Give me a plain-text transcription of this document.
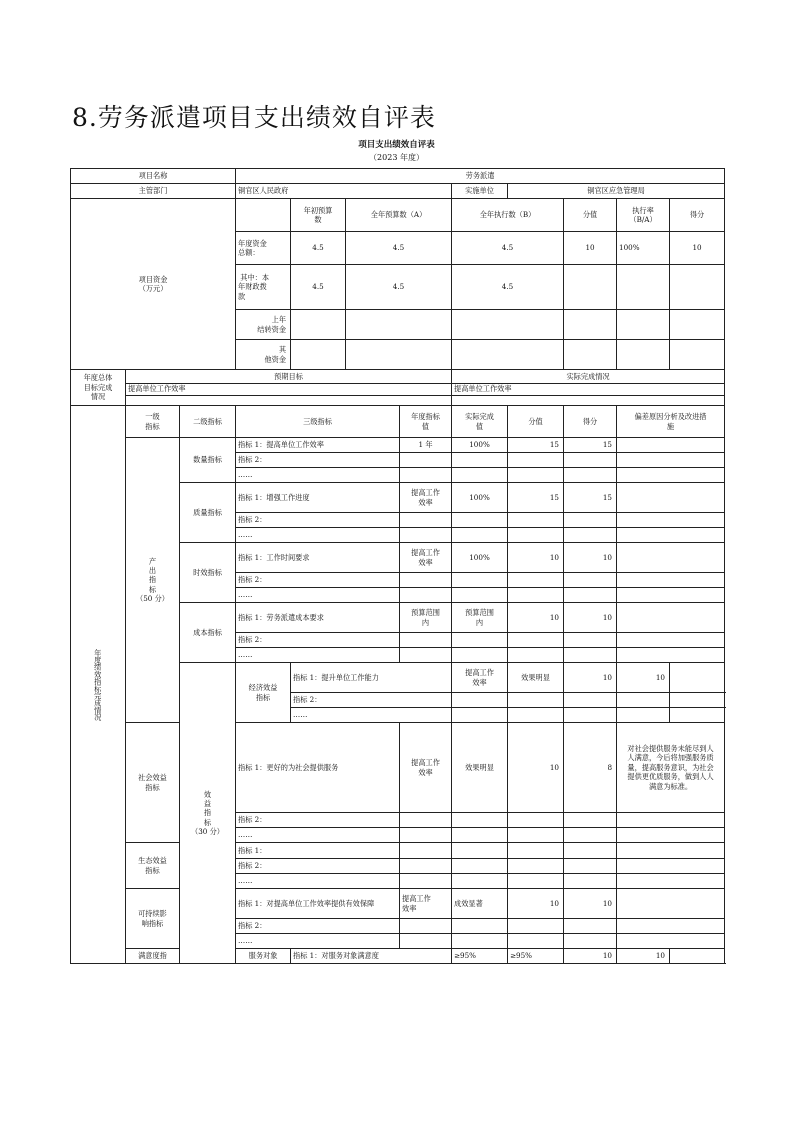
8.劳务派遣项目支出绩效自评表
项目支出绩效自评表
（2023 年度）
项目名称			劳务派遣								
主管部门			铜官区人民政府				实施单位	铜官区应急管理局			
项目资金
（万元）				年初预算
数	全年预算数（A）		全年执行数（B）		分值	执行率
（B/A）	得分
			年度资金
总额：	4.5	4.5		4.5		10	100%	10
			其中：本
年财政拨
款	4.5	4.5		4.5				
			上年
结转资金								
			其
他资金								
年度总体
目标完成
情况	预期目标						实际完成情况				
	提高单位工作效率						提高单位工作效率				

年度绩效指标完成情况	一级
指标	二级指标	三级指标			年度指标
值	实际完成
值	分值	得分	偏差原因分析及改进措
施	
	产
出
指
标
（50 分）	数量指标	指标 1：提高单位工作效率			1 年	100%	15	15		
			指标 2：								
			……								
		质量指标	指标 1：增强工作进度			提高工作
效率	100%	15	15		
			指标 2：								
			……								
		时效指标	指标 1：工作时间要求			提高工作
效率	100%	10	10		
			指标 2：								
			……								
		成本指标	指标 1：劳务派遣成本要求			预算范围
内	预算范围
内	10	10		
			指标 2：								
			……								
		效
益
指
标
（30 分）	经济效益
指标	指标 1：提升单位工作能力			提高工作
效率	效果明显	10	10	
				指标 2：							
				……							
	社会效益
指标		指标 1：更好的为社会提供服务			提高工作
效率	效果明显	10	8	对社会提供服务未能尽到人人满意，今后将加强服务质量，提高服务意识，为社会提供更优质服务，做到人人满意为标准。	
			指标 2：								
			……								
	生态效益
指标		指标 1：								
			指标 2：								
			……								
	可持续影
响指标		指标 1：对提高单位工作效率提供有效保障			提高工作
效率	成效显著	10	10		
			指标 2：								
			……								
	满意度指		服务对象	指标 1：对服务对象满意度			≥95%	≥95%	10	10	
